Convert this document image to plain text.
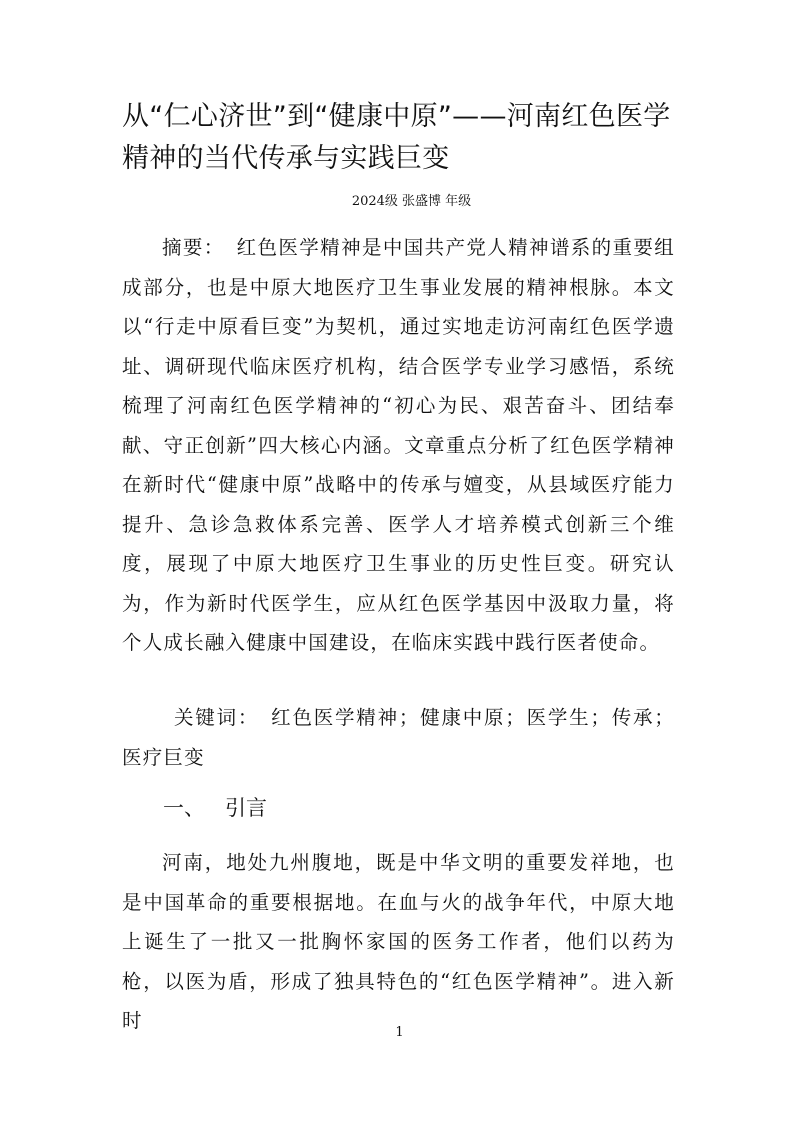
从“仁心济世”到“健康中原”——河南红色医学精神的当代传承与实践巨变
2024级 张盛博 年级

摘要： 红色医学精神是中国共产党人精神谱系的重要组成部分，也是中原大地医疗卫生事业发展的精神根脉。本文以“行走中原看巨变”为契机，通过实地走访河南红色医学遗址、调研现代临床医疗机构，结合医学专业学习感悟，系统梳理了河南红色医学精神的“初心为民、艰苦奋斗、团结奉献、守正创新”四大核心内涵。文章重点分析了红色医学精神在新时代“健康中原”战略中的传承与嬗变，从县域医疗能力提升、急诊急救体系完善、医学人才培养模式创新三个维度，展现了中原大地医疗卫生事业的历史性巨变。研究认为，作为新时代医学生，应从红色医学基因中汲取力量，将个人成长融入健康中国建设，在临床实践中践行医者使命。

关键词： 红色医学精神；健康中原；医学生；传承；医疗巨变

一、 引言

河南，地处九州腹地，既是中华文明的重要发祥地，也是中国革命的重要根据地。在血与火的战争年代，中原大地上诞生了一批又一批胸怀家国的医务工作者，他们以药为枪，以医为盾，形成了独具特色的“红色医学精神”。进入新时

1
